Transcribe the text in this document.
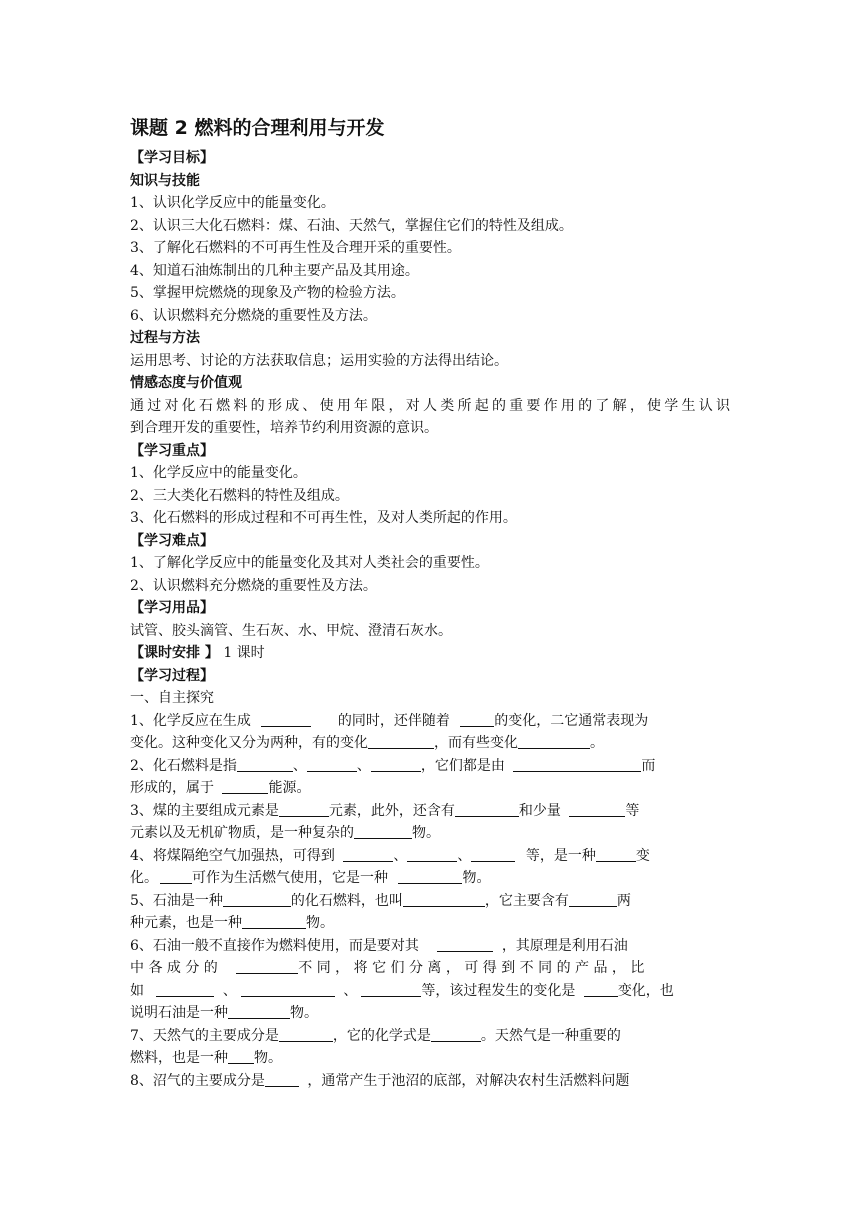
课题 2 燃料的合理利用与开发
【学习目标】
知识与技能
1、认识化学反应中的能量变化。
2、认识三大化石燃料：煤、石油、天然气，掌握住它们的特性及组成。
3、了解化石燃料的不可再生性及合理开采的重要性。
4、知道石油炼制出的几种主要产品及其用途。
5、掌握甲烷燃烧的现象及产物的检验方法。
6、认识燃料充分燃烧的重要性及方法。
过程与方法
运用思考、讨论的方法获取信息；运用实验的方法得出结论。
情感态度与价值观
通过对化石燃料的形成、使用年限，对人类所起的重要作用的了解，使学生认识
到合理开发的重要性，培养节约利用资源的意识。
【学习重点】
1、化学反应中的能量变化。
2、三大类化石燃料的特性及组成。
3、化石燃料的形成过程和不可再生性，及对人类所起的作用。
【学习难点】
1、了解化学反应中的能量变化及其对人类社会的重要性。
2、认识燃料充分燃烧的重要性及方法。
【学习用品】
试管、胶头滴管、生石灰、水、甲烷、澄清石灰水。
【课时安排 】 1 课时
【学习过程】
一、自主探究
1、化学反应在生成	的同时，还伴随着	的变化，二它通常表现为
变化。这种变化又分为两种，有的变化	，而有些变化	。
2、化石燃料是指	、	、	，它们都是由	而
形成的，属于	能源。
3、煤的主要组成元素是	元素，此外，还含有	和少量	等
元素以及无机矿物质，是一种复杂的	物。
4、将煤隔绝空气加强热，可得到	、	、	等，是一种	变
化。 可作为生活燃气使用，它是一种	物。
5、石油是一种	的化石燃料，也叫	，它主要含有	两
种元素，也是一种	物。
6、石油一般不直接作为燃料使用，而是要对其	，其原理是利用石油
中 各 成 分 的	不 同 ， 将 它 们 分 离 ， 可 得 到 不 同 的 产 品 ， 比
如	、	、	等，该过程发生的变化是	变化，也
说明石油是一种	物。
7、天然气的主要成分是	，它的化学式是	。天然气是一种重要的
燃料，也是一种 物。
8、沼气的主要成分是	，通常产生于池沼的底部，对解决农村生活燃料问题
